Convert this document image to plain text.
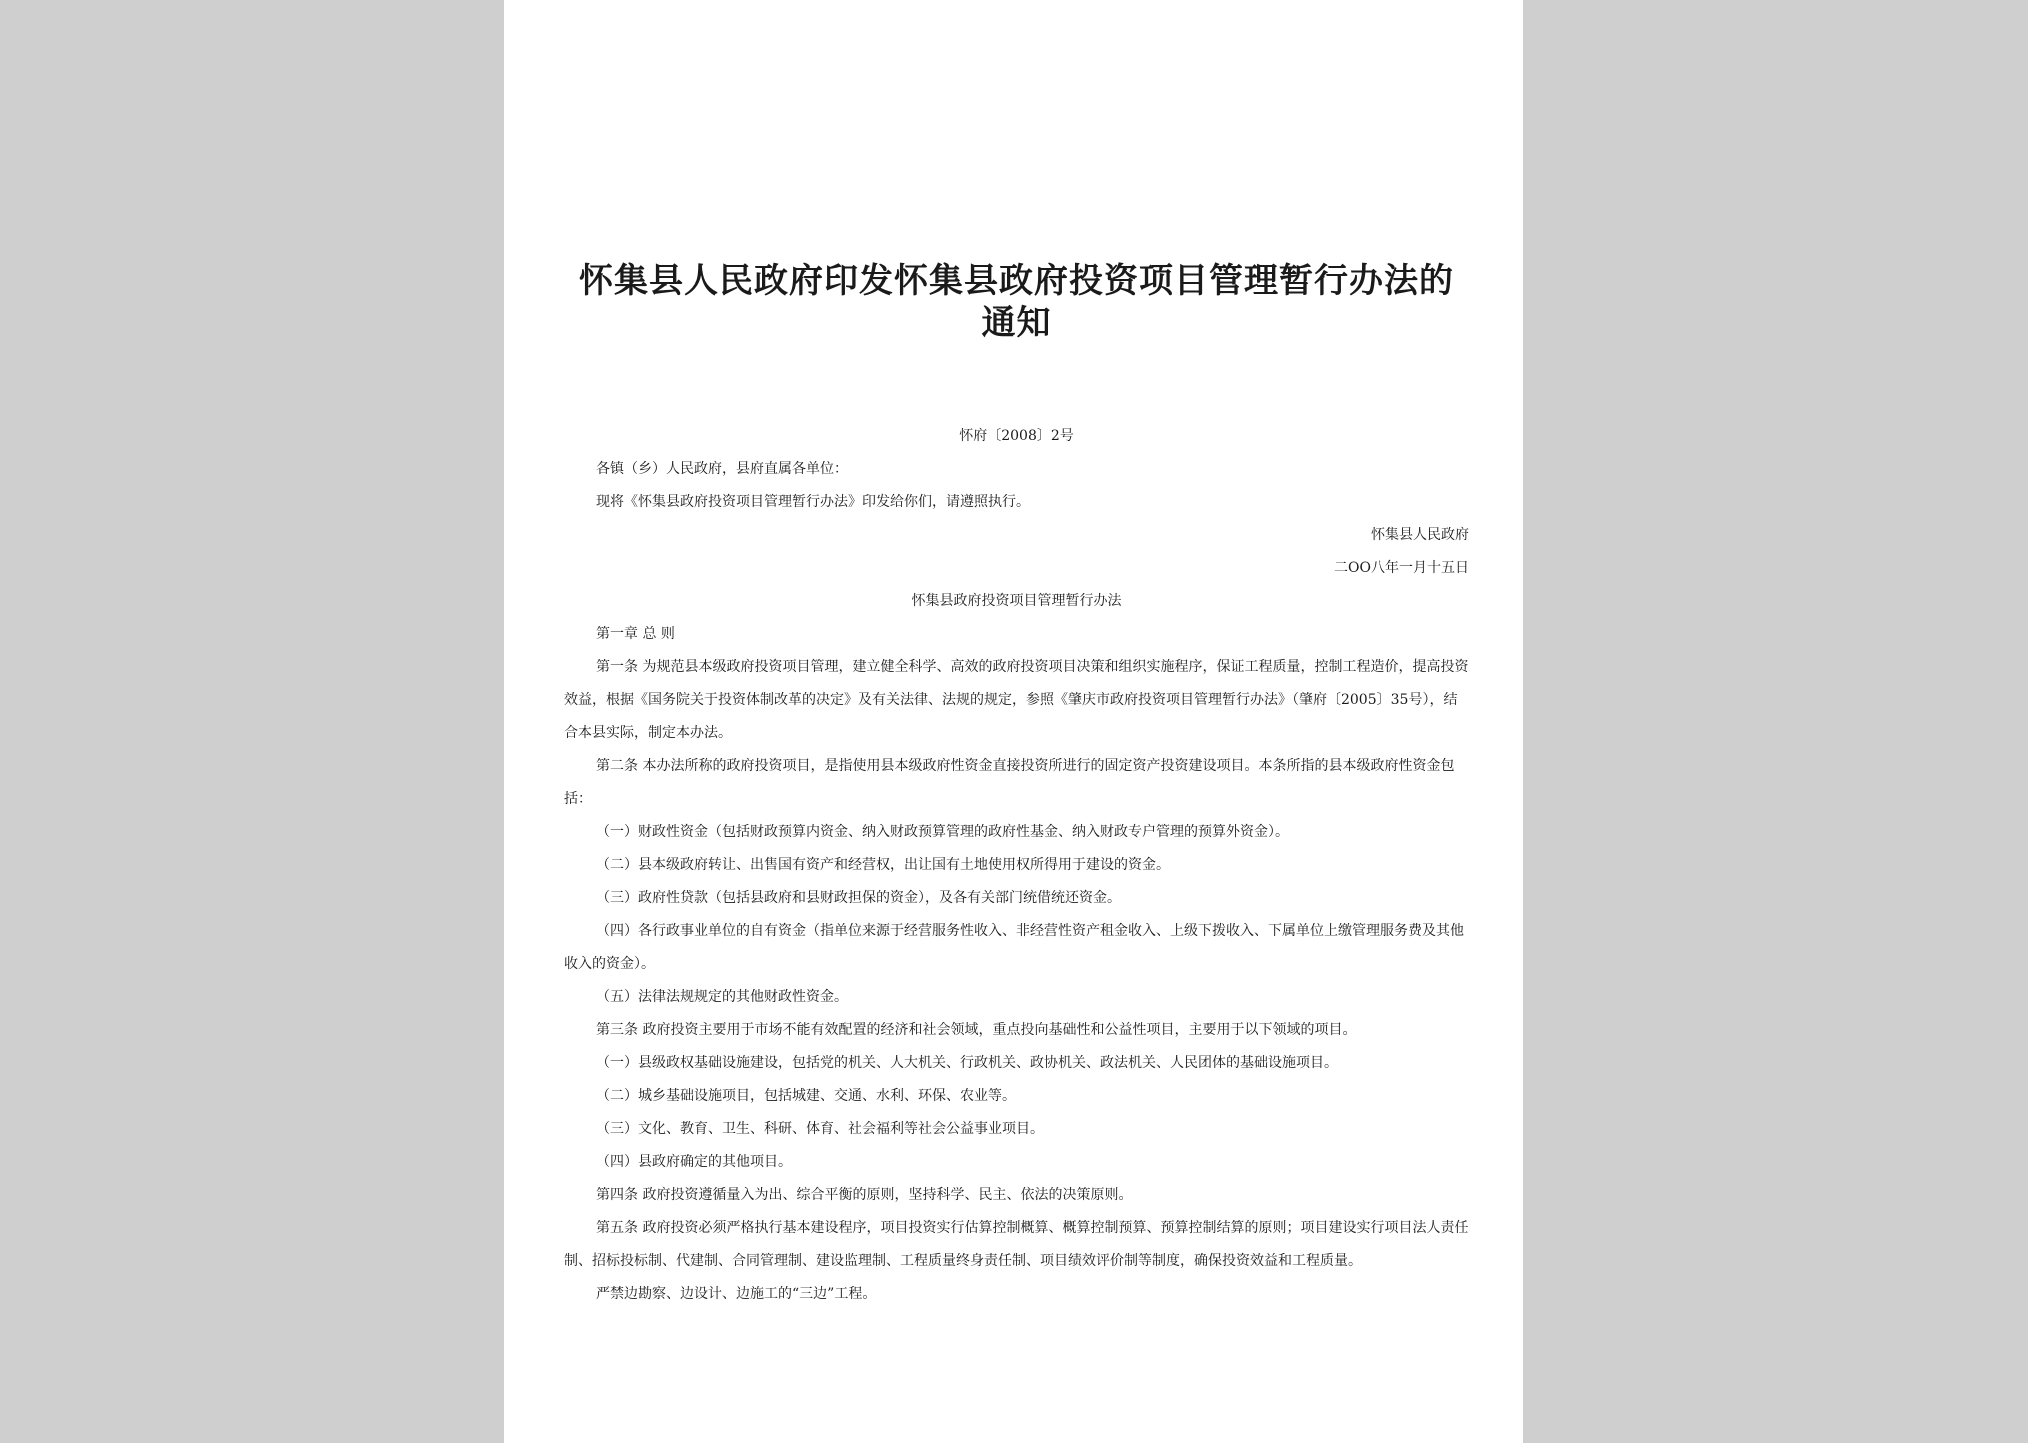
怀集县人民政府印发怀集县政府投资项目管理暂行办法的通知
怀府〔2008〕2号

各镇（乡）人民政府，县府直属各单位：

现将《怀集县政府投资项目管理暂行办法》印发给你们，请遵照执行。

怀集县人民政府

二ОО八年一月十五日

怀集县政府投资项目管理暂行办法

第一章 总 则

第一条 为规范县本级政府投资项目管理，建立健全科学、高效的政府投资项目决策和组织实施程序，保证工程质量，控制工程造价，提高投资效益，根据《国务院关于投资体制改革的决定》及有关法律、法规的规定，参照《肇庆市政府投资项目管理暂行办法》（肇府〔2005〕35号），结合本县实际，制定本办法。

第二条 本办法所称的政府投资项目，是指使用县本级政府性资金直接投资所进行的固定资产投资建设项目。本条所指的县本级政府性资金包括：

（一）财政性资金（包括财政预算内资金、纳入财政预算管理的政府性基金、纳入财政专户管理的预算外资金）。

（二）县本级政府转让、出售国有资产和经营权，出让国有土地使用权所得用于建设的资金。

（三）政府性贷款（包括县政府和县财政担保的资金），及各有关部门统借统还资金。

（四）各行政事业单位的自有资金（指单位来源于经营服务性收入、非经营性资产租金收入、上级下拨收入、下属单位上缴管理服务费及其他收入的资金）。

（五）法律法规规定的其他财政性资金。

第三条 政府投资主要用于市场不能有效配置的经济和社会领域，重点投向基础性和公益性项目，主要用于以下领域的项目。

（一）县级政权基础设施建设，包括党的机关、人大机关、行政机关、政协机关、政法机关、人民团体的基础设施项目。

（二）城乡基础设施项目，包括城建、交通、水利、环保、农业等。

（三）文化、教育、卫生、科研、体育、社会福利等社会公益事业项目。

（四）县政府确定的其他项目。

第四条 政府投资遵循量入为出、综合平衡的原则，坚持科学、民主、依法的决策原则。

第五条 政府投资必须严格执行基本建设程序，项目投资实行估算控制概算、概算控制预算、预算控制结算的原则；项目建设实行项目法人责任制、招标投标制、代建制、合同管理制、建设监理制、工程质量终身责任制、项目绩效评价制等制度，确保投资效益和工程质量。

严禁边勘察、边设计、边施工的“三边”工程。
